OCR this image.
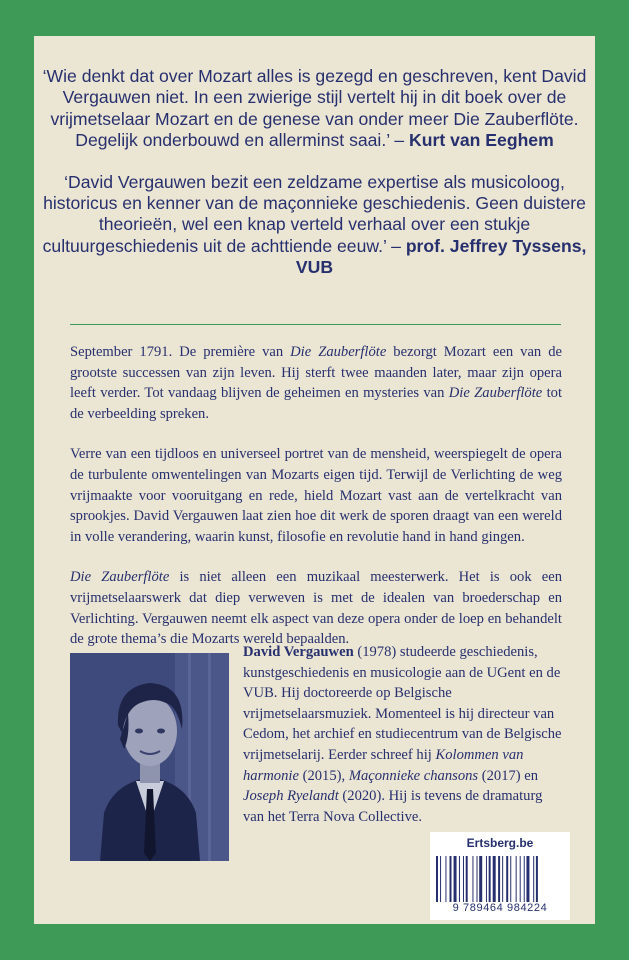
‘Wie denkt dat over Mozart alles is gezegd en geschreven, kent David Vergauwen niet. In een zwierige stijl vertelt hij in dit boek over de vrijmetselaar Mozart en de genese van onder meer Die Zauberflöte. Degelijk onderbouwd en allerminst saai.’ – Kurt van Eeghem

‘David Vergauwen bezit een zeldzame expertise als musicoloog, historicus en kenner van de maçonnieke geschiedenis. Geen duistere theorieën, wel een knap verteld verhaal over een stukje cultuurgeschiedenis uit de achttiende eeuw.’ – prof. Jeffrey Tyssens, VUB

September 1791. De première van Die Zauberflöte bezorgt Mozart een van de grootste successen van zijn leven. Hij sterft twee maanden later, maar zijn opera leeft verder. Tot vandaag blijven de geheimen en mysteries van Die Zauberflöte tot de verbeelding spreken.

Verre van een tijdloos en universeel portret van de mensheid, weerspiegelt de opera de turbulente omwentelingen van Mozarts eigen tijd. Terwijl de Verlichting de weg vrijmaakte voor vooruitgang en rede, hield Mozart vast aan de vertelkracht van sprookjes. David Vergauwen laat zien hoe dit werk de sporen draagt van een wereld in volle verandering, waarin kunst, filosofie en revolutie hand in hand gingen.

Die Zauberflöte is niet alleen een muzikaal meesterwerk. Het is ook een vrijmetselaarswerk dat diep verweven is met de idealen van broederschap en Verlichting. Vergauwen neemt elk aspect van deze opera onder de loep en behandelt de grote thema’s die Mozarts wereld bepaalden.

David Vergauwen (1978) studeerde geschiedenis, kunstgeschiedenis en musicologie aan de UGent en de VUB. Hij doctoreerde op Belgische vrijmetselaarsmuziek. Momenteel is hij directeur van Cedom, het archief en studiecentrum van de Belgische vrijmetselarij. Eerder schreef hij Kolommen van harmonie (2015), Maçonnieke chansons (2017) en Joseph Ryelandt (2020). Hij is tevens de dramaturg van het Terra Nova Collective.
Ertsberg.be
9 789464 984224
